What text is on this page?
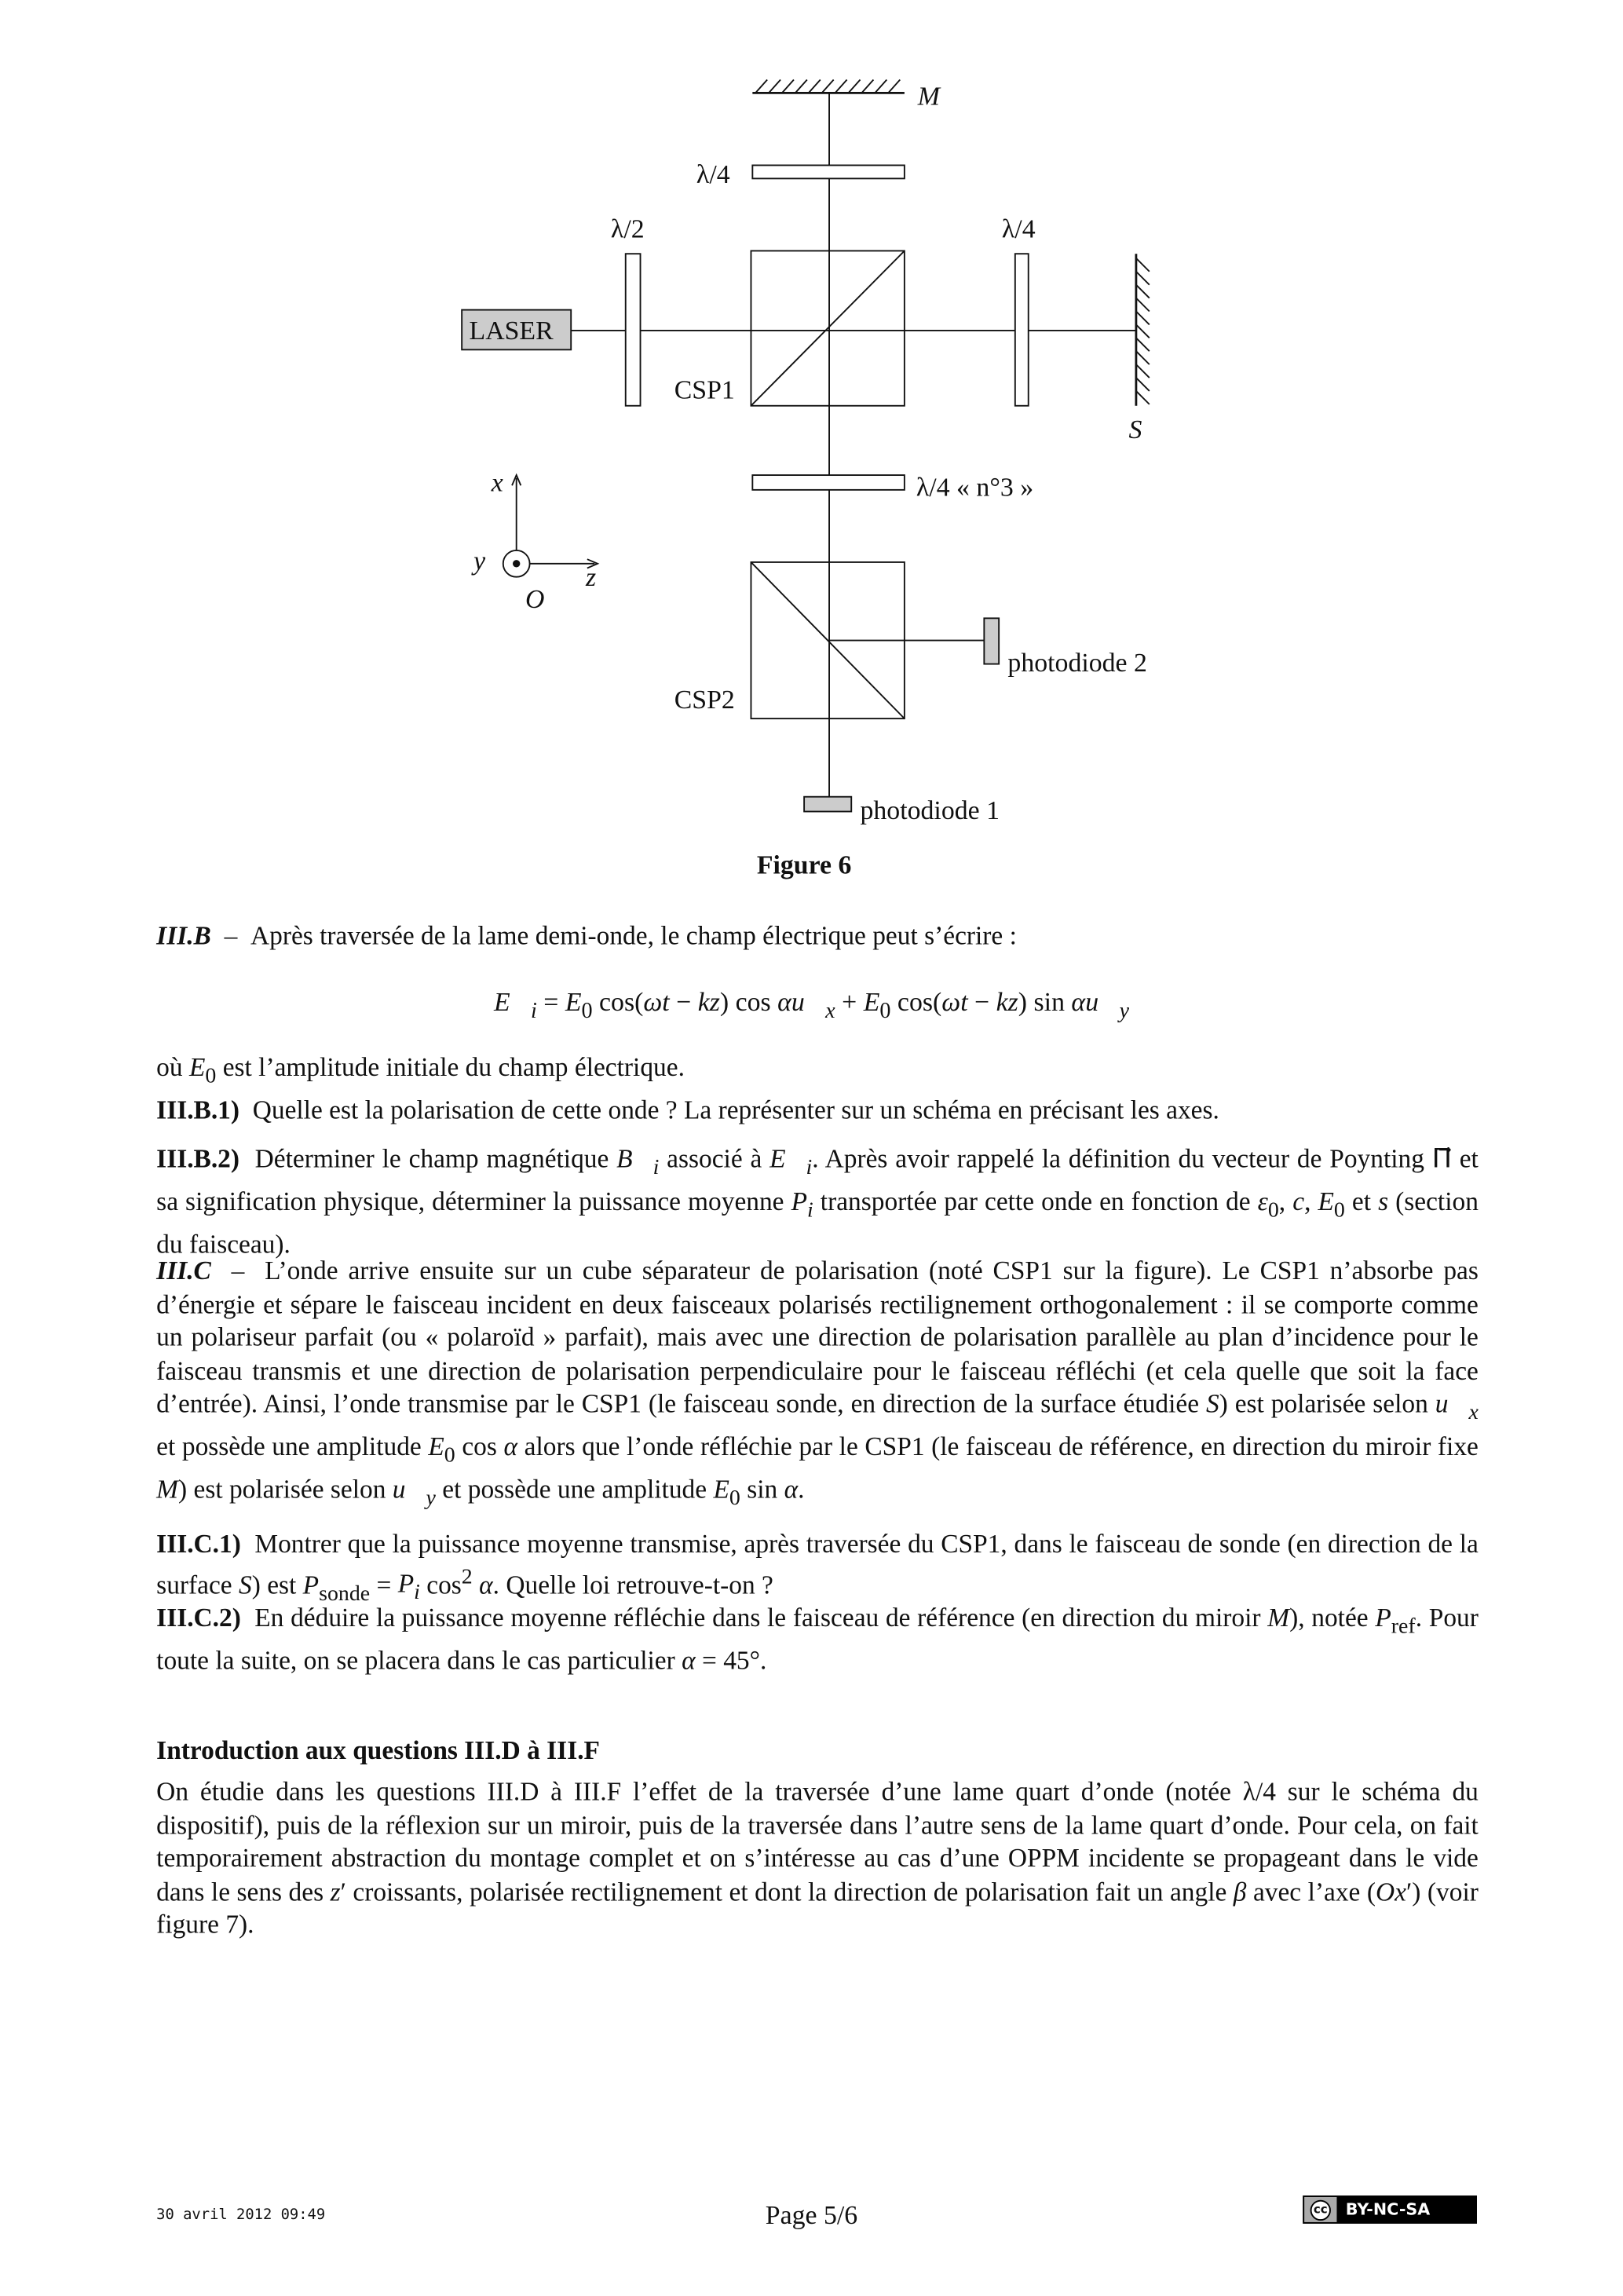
M
λ/4
λ/2	λ/4
CSP1
LASER
S
λ/4 « n°3 »
x
y
z
O
CSP2
photodiode 2
photodiode 1
Figure 6
III.B  –  Après traversée de la lame demi-onde, le champ électrique peut s’écrire :
$E⃗_i = E_0$ cos(ωt − kz) $\cos \alpha u⃗_x + E_0$ cos(ωt − kz) $\sin \alpha u⃗_y$
où $E_0$ est l’amplitude initiale du champ électrique.
III.B.1)  Quelle est la polarisation de cette onde ? La représenter sur un schéma en précisant les axes.
III.B.2)  Déterminer le champ magnétique $B⃗_i$ associé à $E⃗_i$. Après avoir rappelé la définition du vecteur de Poynting Π⃗ et sa signification physique, déterminer la puissance moyenne $P_i$ transportée par cette onde en fonction de $\varepsilon_0$, c, $E_0$ et s (section du faisceau).
III.C  –  L’onde arrive ensuite sur un cube séparateur de polarisation (noté CSP1 sur la figure). Le CSP1 n’absorbe pas d’énergie et sépare le faisceau incident en deux faisceaux polarisés rectilignement orthogonalement : il se comporte comme un polariseur parfait (ou « polaroïd » parfait), mais avec une direction de polarisation parallèle au plan d’incidence pour le faisceau transmis et une direction de polarisation perpendiculaire pour le faisceau réfléchi (et cela quelle que soit la face d’entrée). Ainsi, l’onde transmise par le CSP1 (le faisceau sonde, en direction de la surface étudiée S) est polarisée selon $u⃗_x$ et possède une amplitude $E_0$ cos α alors que l’onde réfléchie par le CSP1 (le faisceau de référence, en direction du miroir fixe M) est polarisée selon $u⃗_y$ et possède une amplitude $E_0$ sin α.
III.C.1)  Montrer que la puissance moyenne transmise, après traversée du CSP1, dans le faisceau de sonde (en direction de la surface S) est $P_{sonde} = P_i$ $\cos^2 \alpha$. Quelle loi retrouve-t-on ?
III.C.2)  En déduire la puissance moyenne réfléchie dans le faisceau de référence (en direction du miroir M), notée $P_{ref}$. Pour toute la suite, on se placera dans le cas particulier α = 45°.
Introduction aux questions III.D à III.F
On étudie dans les questions III.D à III.F l’effet de la traversée d’une lame quart d’onde (notée λ/4 sur le schéma du dispositif), puis de la réflexion sur un miroir, puis de la traversée dans l’autre sens de la lame quart d’onde. Pour cela, on fait temporairement abstraction du montage complet et on s’intéresse au cas d’une OPPM incidente se propageant dans le vide dans le sens des z′ croissants, polarisée rectilignement et dont la direction de polarisation fait un angle β avec l’axe (Ox′) (voir figure 7).
30 avril 2012 09:49	Page 5/6	cc	BY-NC-SA
